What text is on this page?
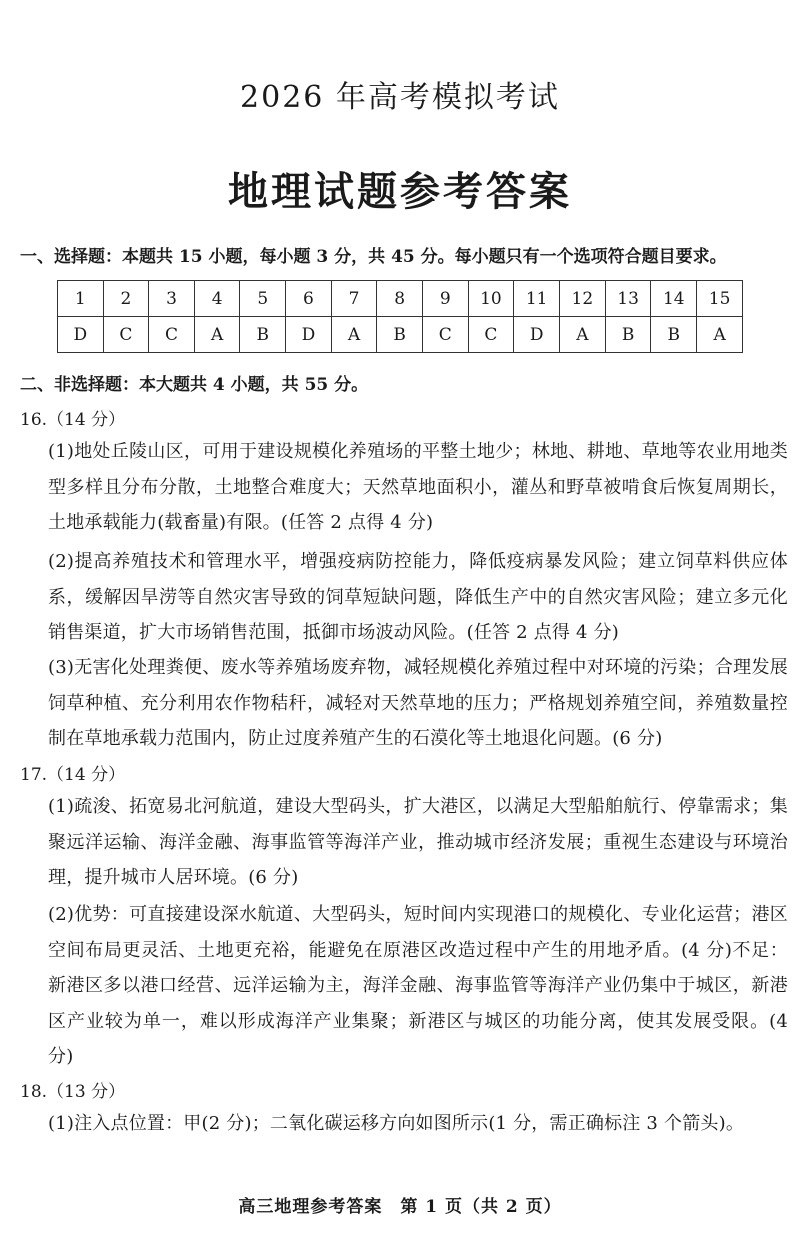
2026 年高考模拟考试
地理试题参考答案
一、选择题：本题共 15 小题，每小题 3 分，共 45 分。每小题只有一个选项符合题目要求。
1	2	3	4	5	6	7	8	9	10	11	12	13	14	15
D	C	C	A	B	D	A	B	C	C	D	A	B	B	A
二、非选择题：本大题共 4 小题，共 55 分。
16.（14 分）
(1)地处丘陵山区，可用于建设规模化养殖场的平整土地少；林地、耕地、草地等农业用地类型多样且分布分散，土地整合难度大；天然草地面积小，灌丛和野草被啃食后恢复周期长，土地承载能力(载畜量)有限。(任答 2 点得 4 分)
(2)提高养殖技术和管理水平，增强疫病防控能力，降低疫病暴发风险；建立饲草料供应体系，缓解因旱涝等自然灾害导致的饲草短缺问题，降低生产中的自然灾害风险；建立多元化销售渠道，扩大市场销售范围，抵御市场波动风险。(任答 2 点得 4 分)
(3)无害化处理粪便、废水等养殖场废弃物，减轻规模化养殖过程中对环境的污染；合理发展饲草种植、充分利用农作物秸秆，减轻对天然草地的压力；严格规划养殖空间，养殖数量控制在草地承载力范围内，防止过度养殖产生的石漠化等土地退化问题。(6 分)
17.（14 分）
(1)疏浚、拓宽易北河航道，建设大型码头，扩大港区，以满足大型船舶航行、停靠需求；集聚远洋运输、海洋金融、海事监管等海洋产业，推动城市经济发展；重视生态建设与环境治理，提升城市人居环境。(6 分)
(2)优势：可直接建设深水航道、大型码头，短时间内实现港口的规模化、专业化运营；港区空间布局更灵活、土地更充裕，能避免在原港区改造过程中产生的用地矛盾。(4 分)不足：新港区多以港口经营、远洋运输为主，海洋金融、海事监管等海洋产业仍集中于城区，新港区产业较为单一，难以形成海洋产业集聚；新港区与城区的功能分离，使其发展受限。(4 分)
18.（13 分）
(1)注入点位置：甲(2 分)；二氧化碳运移方向如图所示(1 分，需正确标注 3 个箭头)。
高三地理参考答案　第 1 页（共 2 页）
